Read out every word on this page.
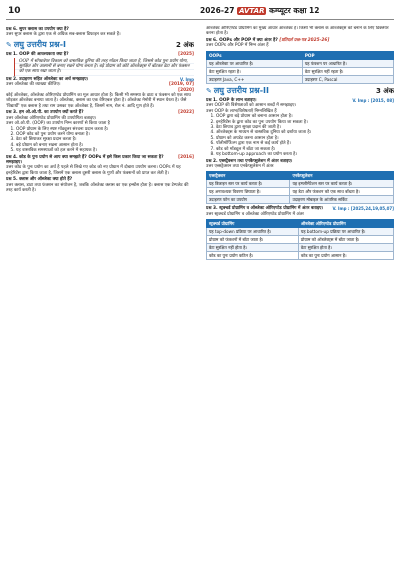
10	2026-27 AVTAR कम्प्यूटर कक्षा 12
प्रश्न 6. सुपर क्लास का उपयोग क्या है?
उत्तर सुपर क्लास के द्वारा एक से अधिक सब-क्लास डिफाइन कर सकते हैं।
✎ लघु उत्तरीय प्रश्न-I	2 अंक
[2025]
प्रश्न 1. OOP की आवश्यकता क्या है?
OOP में सॉफ्टवेयर विकास को वास्तविक दुनिया की तरह मॉडल किया जाता है, जिससे कोड पुनः प्रयोग योग्य, सुरक्षित और आसानी से बनाए रखने योग्य बनता है। बड़े प्रोग्राम को छोटे ऑब्जेक्ट्स में बाँटकर डेटा और फंक्शन को एक साथ रखा जाता है।
V. Imp
प्रश्न 2. उदाहरण सहित ऑब्जेक्ट का अर्थ समझाइए।
[2019, 07]
उत्तर ऑब्जेक्ट की व्याख्या कीजिए।
[2020]

कोई ऑब्जेक्ट, ऑब्जेक्ट ओरिएण्टेड प्रोग्रामिंग का मूल आधार होता है। किसी भी समस्या के डाटा व फंक्शन को एक साथ जोड़कर ऑब्जेक्ट बनाया जाता है। ऑब्जेक्ट, क्लास का एक वेरिएबल होता है। ऑब्जेक्ट मेमोरी में स्थान घेरता है। जैसे 'विद्यार्थी' एक क्लास है तथा राम उसका एक ऑब्जेक्ट है, जिसमें नाम, रोल नं. आदि गुण होते हैं।
[2022]
प्रश्न 3. हम ओ.ओ.पी. का उपयोग क्यों करते हैं?
उत्तर ऑब्जेक्ट ओरिएण्टेड प्रोग्रामिंग की उपयोगिता बताइए।
उत्तर ओ.ओ.पी. (OOP) का उपयोग निम्न कारणों से किया जाता है
1. OOP प्रोग्राम के लिए स्पष्ट मॉड्यूलर संरचना प्रदान करता है।
2. OOP कोड को पुनः प्रयोग करने योग्य बनाता है।
3. डेटा को छिपाकर सुरक्षा प्रदान करता है।
4. बड़े प्रोग्राम को बनाए रखना आसान होता है।
5. यह वास्तविक समस्याओं को हल करने में सहायक है।
[2016]
प्रश्न 4. कोड के पुनः प्रयोग से आप क्या समझते हैं? OOPs में इसे किस प्रकार किया जा सकता है? समझाइए।
उत्तर कोड के पुनः प्रयोग का अर्थ है पहले से लिखे गए कोड को नए प्रोग्राम में दोबारा उपयोग करना। OOPs में यह इनहेरिटेंस द्वारा किया जाता है, जिसमें एक क्लास दूसरी क्लास के गुणों और फंक्शनों को प्राप्त कर लेती है।
प्रश्न 5. क्लास और ऑब्जेक्ट क्या होते हैं?
उत्तर क्लास, डाटा तथा फंक्शन का संयोजन है, जबकि ऑब्जेक्ट क्लास का एक इन्स्टेंस होता है। क्लास एक टेम्पलेट की तरह कार्य करती है।
ऑब्जेक्ट ओरिएण्टेड प्रोग्रामिंग का मुख्य आधार ऑब्जेक्ट हैं। किसी भी क्लास के ऑब्जेक्ट्स को बनाने के लिए डिक्लेयर करना होता है।
प्रश्न 6. OOPs और POP में क्या अंतर है? [प्रतिदर्श प्रश्न-पत्र 2025-26]
उत्तर OOPs और POP में निम्न अंतर हैं
OOPs	POP
यह ऑब्जेक्ट पर आधारित है।	यह फंक्शन पर आधारित है।
डेटा सुरक्षित रहता है।	डेटा सुरक्षित नहीं रहता है।
उदाहरण Java, C++	उदाहरण C, Pascal
✎ लघु उत्तरीय प्रश्न-II	3 अंक
V. Imp : [2015, 08]
प्रश्न 1. OOP के लाभ बताइए।
उत्तर OOP की विशेषताओं को आसान शब्दों में समझाइए।
उत्तर OOP के लाभ/विशेषताएँ निम्नलिखित हैं
1. OOP द्वारा बड़े प्रोग्राम को बनाना आसान होता है।
2. इनहेरिटेंस के द्वारा कोड का पुनः उपयोग किया जा सकता है।
3. डेटा छिपाव द्वारा सुरक्षा प्रदान की जाती है।
4. ऑब्जेक्ट्स के माध्यम से वास्तविक दुनिया को दर्शाया जाता है।
5. प्रोग्राम को अपडेट करना आसान होता है।
6. पॉलीमॉर्फिज्म द्वारा एक नाम से कई कार्य होते हैं।
7. कोड को मॉड्यूल में बाँटा जा सकता है।
8. यह bottom-up approach का प्रयोग करता है।
प्रश्न 2. एब्सट्रैक्शन तथा एनकैप्सुलेशन में अंतर बताइए।
उत्तर एब्सट्रैक्शन तथा एनकैप्सुलेशन में अंतर
एब्सट्रैक्शन	एनकैप्सुलेशन
यह डिजाइन स्तर पर कार्य करता है।	यह इम्प्लीमेंटेशन स्तर पर कार्य करता है।
यह अनावश्यक विवरण छिपाता है।	यह डेटा और फंक्शन को एक साथ बाँधता है।
उदाहरण फोन का उपयोग	उदाहरण मोबाइल के आंतरिक सर्किट
प्रश्न 3. स्ट्रक्चर्ड प्रोग्रामिंग व ऑब्जेक्ट ओरिएण्टेड प्रोग्रामिंग में अंतर बताइए। V. Imp : [2025,24,19,05,07]
उत्तर स्ट्रक्चर्ड प्रोग्रामिंग व ऑब्जेक्ट ओरिएण्टेड प्रोग्रामिंग में अंतर
स्ट्रक्चर्ड प्रोग्रामिंग	ऑब्जेक्ट ओरिएण्टेड प्रोग्रामिंग
यह top-down प्रक्रिया पर आधारित है।	यह bottom-up प्रक्रिया पर आधारित है।
प्रोग्राम को फंक्शनों में बाँटा जाता है।	प्रोग्राम को ऑब्जेक्ट्स में बाँटा जाता है।
डेटा सुरक्षित नहीं होता है।	डेटा सुरक्षित होता है।
कोड का पुनः प्रयोग कठिन है।	कोड का पुनः प्रयोग आसान है।
